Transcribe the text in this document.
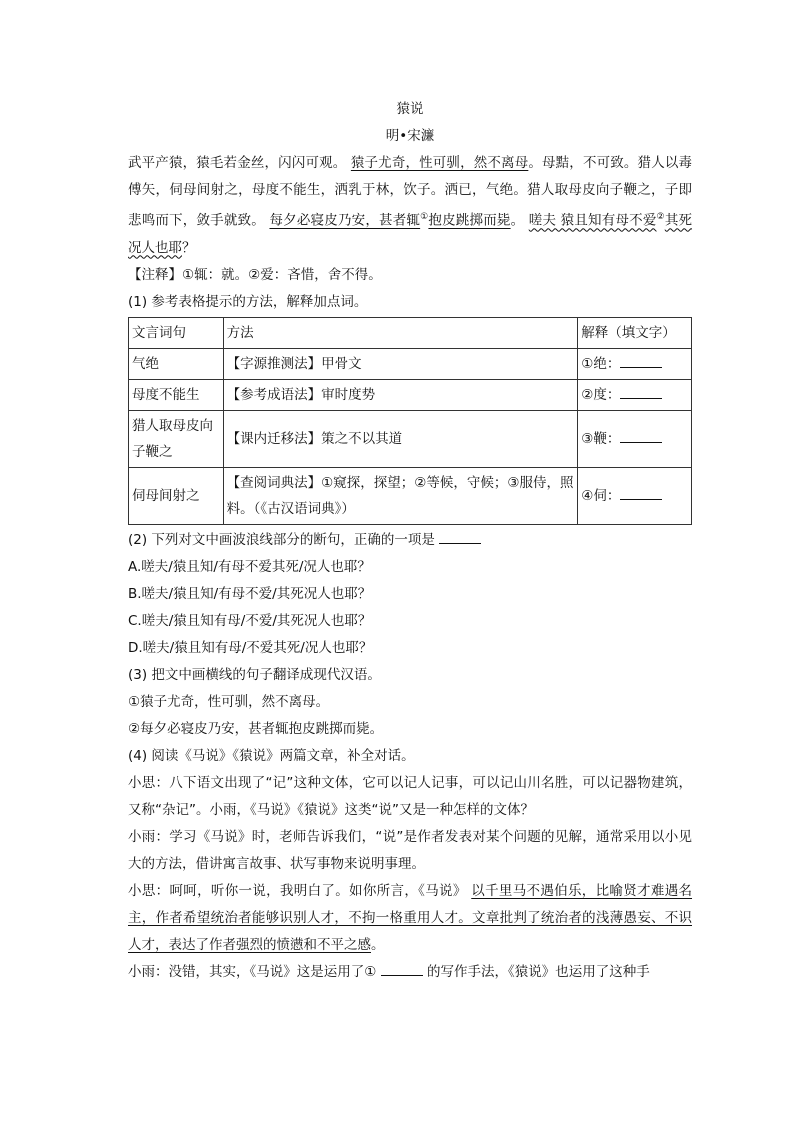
猿说
明•宋濂

武平产猿，猿毛若金丝，闪闪可观。 猿子尤奇，性可驯，然不离母。母黠，不可致。猎人以毒傅矢，伺母间射之，母度不能生，洒乳于林，饮子。洒已，气绝。猎人取母皮向子鞭之，子即悲鸣而下，敛手就致。 每夕必寝皮乃安，甚者辄①抱皮跳掷而毙。 嗟夫 猿且知有母不爱②其死况人也耶？

【注释】①辄：就。②爱：吝惜，舍不得。

(1) 参考表格提示的方法，解释加点词。

文言词句	方法	解释（填文字）
气绝	【字源推测法】甲骨文	①绝：
母度不能生	【参考成语法】审时度势	②度：
猎人取母皮向子鞭之	【课内迁移法】策之不以其道	③鞭：
伺母间射之	【查阅词典法】①窥探，探望；②等候，守候；③服侍，照料。（《古汉语词典》）	④伺：

(2) 下列对文中画波浪线部分的断句，正确的一项是

A.嗟夫/猿且知/有母不爱其死/况人也耶？

B.嗟夫/猿且知/有母不爱/其死况人也耶？

C.嗟夫/猿且知有母/不爱/其死况人也耶？

D.嗟夫/猿且知有母/不爱其死/况人也耶？

(3) 把文中画横线的句子翻译成现代汉语。

①猿子尤奇，性可驯，然不离母。

②每夕必寝皮乃安，甚者辄抱皮跳掷而毙。

(4) 阅读《马说》《猿说》两篇文章，补全对话。

小思：八下语文出现了“记”这种文体，它可以记人记事，可以记山川名胜，可以记器物建筑，又称“杂记”。小雨，《马说》《猿说》这类“说”又是一种怎样的文体？

小雨：学习《马说》时，老师告诉我们，“说”是作者发表对某个问题的见解，通常采用以小见大的方法，借讲寓言故事、状写事物来说明事理。

小思：呵呵，听你一说，我明白了。如你所言，《马说》 以千里马不遇伯乐，比喻贤才难遇名主，作者希望统治者能够识别人才，不拘一格重用人才。文章批判了统治者的浅薄愚妄、不识人才，表达了作者强烈的愤懑和不平之感。

小雨：没错，其实，《马说》这是运用了①	的写作手法，《猿说》也运用了这种手
